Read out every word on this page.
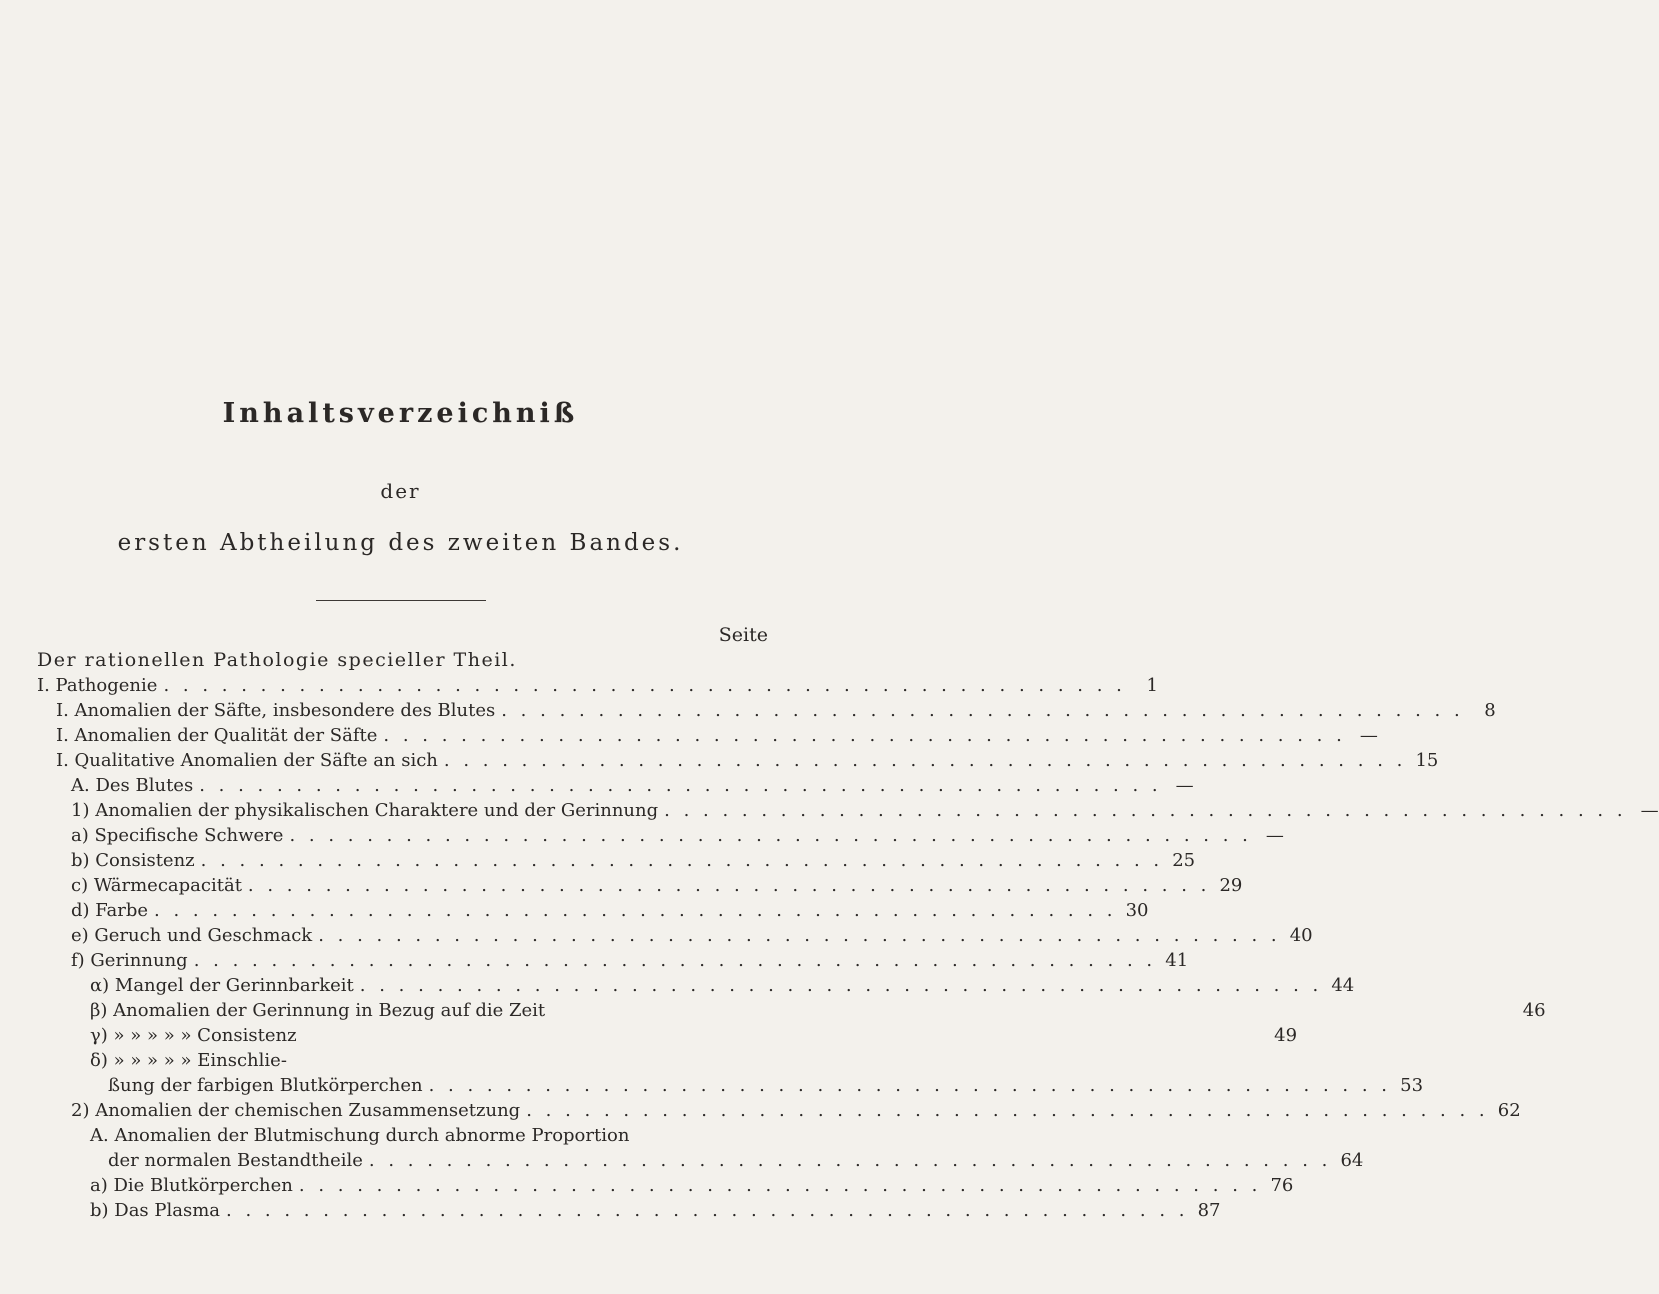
Inhaltsverzeichniß
der
ersten Abtheilung des zweiten Bandes.
Seite
Der rationellen Pathologie specieller Theil.
I. Pathogenie . . . . . . . . . . . . . . . . . . . . . . . . . . . . . . . . . . . . . . . . . . . . . . . . . .	1
I. Anomalien der Säfte, insbesondere des Blutes . . . . . . . . . . . . . . . . . . . . . . . . . . . . . . . . . . . . . . . . . . . . . . . . . .	8
I. Anomalien der Qualität der Säfte . . . . . . . . . . . . . . . . . . . . . . . . . . . . . . . . . . . . . . . . . . . . . . . . . . —
I. Qualitative Anomalien der Säfte an sich . . . . . . . . . . . . . . . . . . . . . . . . . . . . . . . . . . . . . . . . . . . . . . . . . . 15
A. Des Blutes . . . . . . . . . . . . . . . . . . . . . . . . . . . . . . . . . . . . . . . . . . . . . . . . . . —
1) Anomalien der physikalischen Charaktere und der Gerinnung . . . . . . . . . . . . . . . . . . . . . . . . . . . . . . . . . . . . . . . . . . . . . . . . . . —
a) Specifische Schwere . . . . . . . . . . . . . . . . . . . . . . . . . . . . . . . . . . . . . . . . . . . . . . . . . . —
b) Consistenz . . . . . . . . . . . . . . . . . . . . . . . . . . . . . . . . . . . . . . . . . . . . . . . . . . 25
c) Wärmecapacität . . . . . . . . . . . . . . . . . . . . . . . . . . . . . . . . . . . . . . . . . . . . . . . . . . 29
d) Farbe . . . . . . . . . . . . . . . . . . . . . . . . . . . . . . . . . . . . . . . . . . . . . . . . . . 30
e) Geruch und Geschmack . . . . . . . . . . . . . . . . . . . . . . . . . . . . . . . . . . . . . . . . . . . . . . . . . . 40
f) Gerinnung . . . . . . . . . . . . . . . . . . . . . . . . . . . . . . . . . . . . . . . . . . . . . . . . . . 41
α) Mangel der Gerinnbarkeit . . . . . . . . . . . . . . . . . . . . . . . . . . . . . . . . . . . . . . . . . . . . . . . . . . 44
β) Anomalien der Gerinnung in Bezug auf die Zeit	46
γ) » » » » » Consistenz	49
δ) » » » » » Einschlie-
ßung der farbigen Blutkörperchen . . . . . . . . . . . . . . . . . . . . . . . . . . . . . . . . . . . . . . . . . . . . . . . . . . 53
2) Anomalien der chemischen Zusammensetzung . . . . . . . . . . . . . . . . . . . . . . . . . . . . . . . . . . . . . . . . . . . . . . . . . . 62
A. Anomalien der Blutmischung durch abnorme Proportion
der normalen Bestandtheile . . . . . . . . . . . . . . . . . . . . . . . . . . . . . . . . . . . . . . . . . . . . . . . . . . 64
a) Die Blutkörperchen . . . . . . . . . . . . . . . . . . . . . . . . . . . . . . . . . . . . . . . . . . . . . . . . . . 76
b) Das Plasma . . . . . . . . . . . . . . . . . . . . . . . . . . . . . . . . . . . . . . . . . . . . . . . . . . 87
